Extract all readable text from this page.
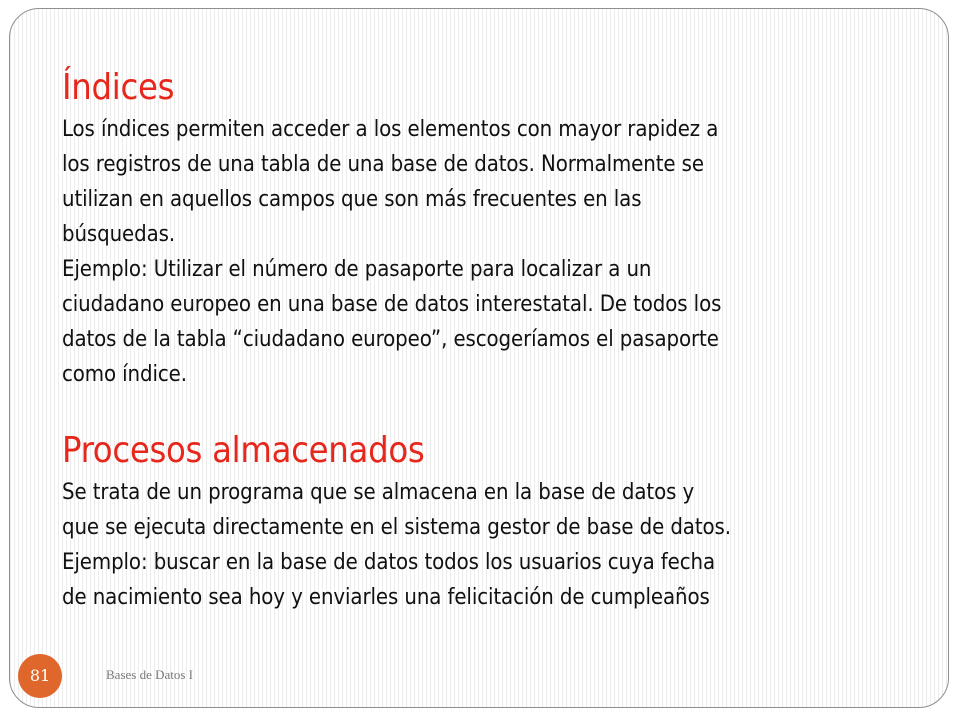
Índices

Los índices permiten acceder a los elementos con mayor rapidez a

los registros de una tabla de una base de datos. Normalmente se

utilizan en aquellos campos que son más frecuentes en las

búsquedas.

Ejemplo: Utilizar el número de pasaporte para localizar a un

ciudadano europeo en una base de datos interestatal. De todos los

datos de la tabla “ciudadano europeo”, escogeríamos el pasaporte

como índice.

Procesos almacenados

Se trata de un programa que se almacena en la base de datos y

que se ejecuta directamente en el sistema gestor de base de datos.

Ejemplo: buscar en la base de datos todos los usuarios cuya fecha

de nacimiento sea hoy y enviarles una felicitación de cumpleaños

81	Bases de Datos I
